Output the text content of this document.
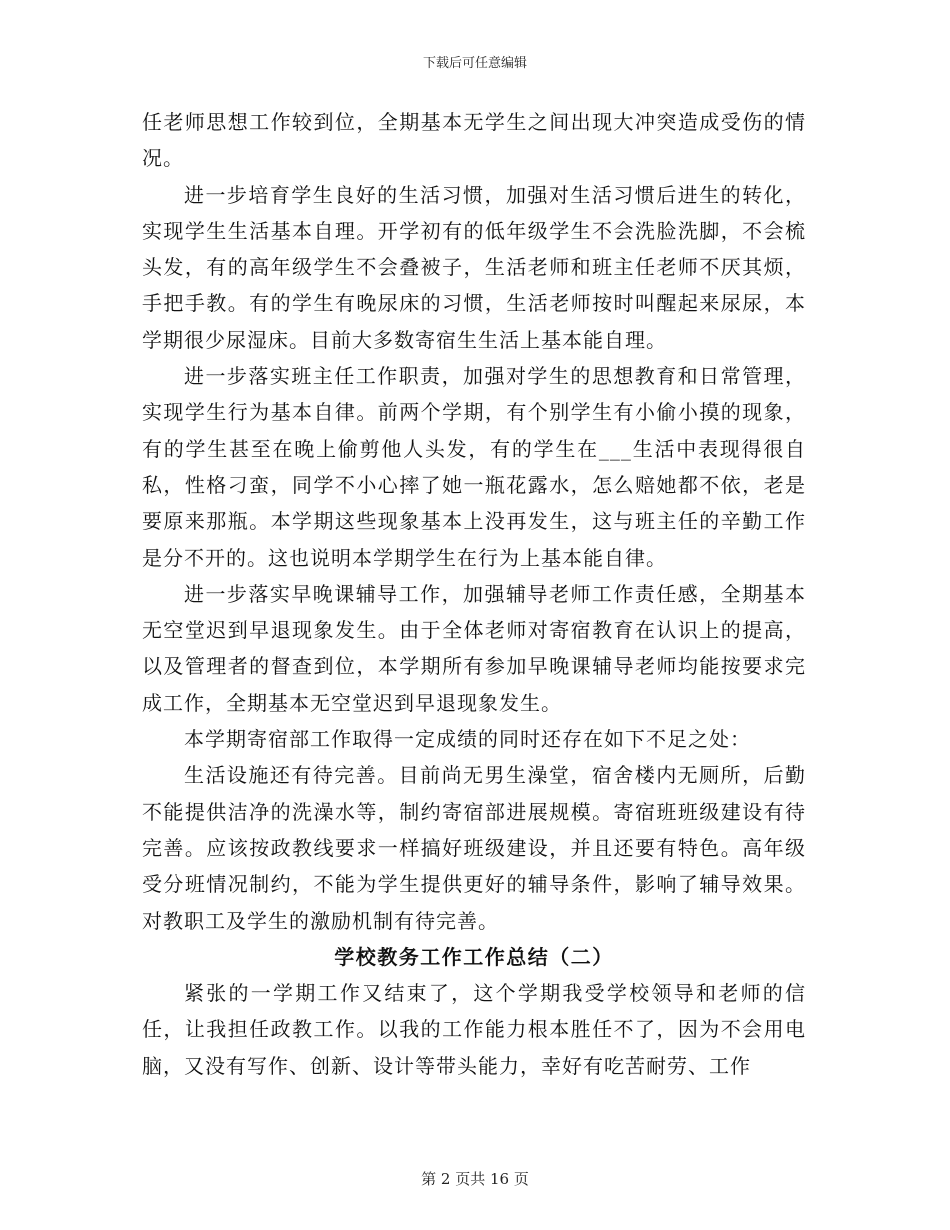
下载后可任意编辑

任老师思想工作较到位，全期基本无学生之间出现大冲突造成受伤的情况。

进一步培育学生良好的生活习惯，加强对生活习惯后进生的转化，实现学生生活基本自理。开学初有的低年级学生不会洗脸洗脚，不会梳头发，有的高年级学生不会叠被子，生活老师和班主任老师不厌其烦，手把手教。有的学生有晚尿床的习惯，生活老师按时叫醒起来尿尿，本学期很少尿湿床。目前大多数寄宿生生活上基本能自理。

进一步落实班主任工作职责，加强对学生的思想教育和日常管理，实现学生行为基本自律。前两个学期，有个别学生有小偷小摸的现象，有的学生甚至在晚上偷剪他人头发，有的学生在___生活中表现得很自私，性格刁蛮，同学不小心摔了她一瓶花露水，怎么赔她都不依，老是要原来那瓶。本学期这些现象基本上没再发生，这与班主任的辛勤工作是分不开的。这也说明本学期学生在行为上基本能自律。

进一步落实早晚课辅导工作，加强辅导老师工作责任感，全期基本无空堂迟到早退现象发生。由于全体老师对寄宿教育在认识上的提高，以及管理者的督查到位，本学期所有参加早晚课辅导老师均能按要求完成工作，全期基本无空堂迟到早退现象发生。

本学期寄宿部工作取得一定成绩的同时还存在如下不足之处：

生活设施还有待完善。目前尚无男生澡堂，宿舍楼内无厕所，后勤不能提供洁净的洗澡水等，制约寄宿部进展规模。寄宿班班级建设有待完善。应该按政教线要求一样搞好班级建设，并且还要有特色。高年级受分班情况制约，不能为学生提供更好的辅导条件，影响了辅导效果。对教职工及学生的激励机制有待完善。

学校教务工作工作总结（二）

紧张的一学期工作又结束了，这个学期我受学校领导和老师的信任，让我担任政教工作。以我的工作能力根本胜任不了，因为不会用电脑，又没有写作、创新、设计等带头能力，幸好有吃苦耐劳、工作

第 2 页共 16 页
